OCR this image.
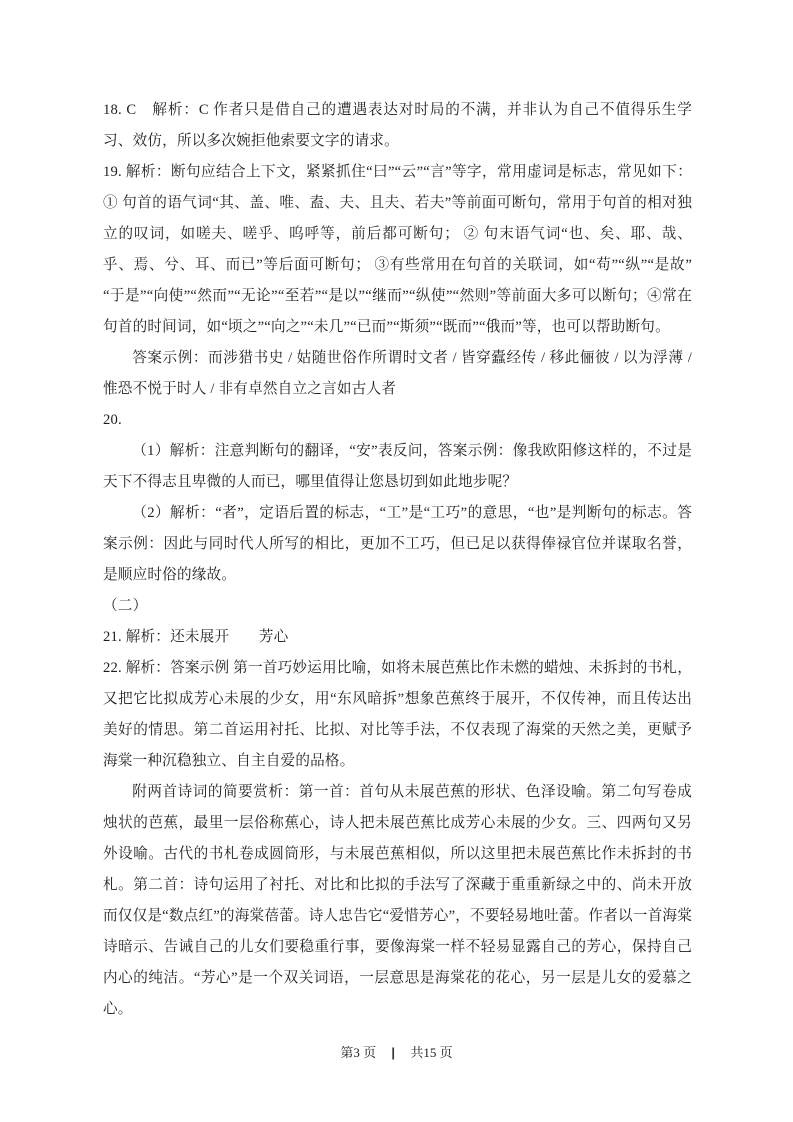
18. C　解析：C 作者只是借自己的遭遇表达对时局的不满，并非认为自己不值得乐生学习、效仿，所以多次婉拒他索要文字的请求。

19. 解析：断句应结合上下文，紧紧抓住“曰”“云”“言”等字，常用虚词是标志，常见如下：① 句首的语气词“其、盖、唯、盍、夫、且夫、若夫”等前面可断句，常用于句首的相对独立的叹词，如嗟夫、嗟乎、呜呼等，前后都可断句； ② 句末语气词“也、矣、耶、哉、乎、焉、兮、耳、而已”等后面可断句； ③有些常用在句首的关联词，如“苟”“纵”“是故”“于是”“向使”“然而”“无论”“至若”“是以”“继而”“纵使”“然则”等前面大多可以断句；④常在句首的时间词，如“顷之”“向之”“未几”“已而”“斯须”“既而”“俄而”等，也可以帮助断句。

答案示例：而涉猎书史 / 姑随世俗作所谓时文者 / 皆穿蠹经传 / 移此俪彼 / 以为浮薄 / 惟恐不悦于时人 / 非有卓然自立之言如古人者

20.

（1）解析：注意判断句的翻译，“安”表反问，答案示例：像我欧阳修这样的，不过是天下不得志且卑微的人而已，哪里值得让您恳切到如此地步呢？

（2）解析：“者”，定语后置的标志，“工”是“工巧”的意思，“也”是判断句的标志。答案示例：因此与同时代人所写的相比，更加不工巧，但已足以获得俸禄官位并谋取名誉，是顺应时俗的缘故。

（二）

21. 解析：还未展开　　芳心

22. 解析：答案示例 第一首巧妙运用比喻，如将未展芭蕉比作未燃的蜡烛、未拆封的书札，又把它比拟成芳心未展的少女，用“东风暗拆”想象芭蕉终于展开，不仅传神，而且传达出美好的情思。第二首运用衬托、比拟、对比等手法，不仅表现了海棠的天然之美，更赋予海棠一种沉稳独立、自主自爱的品格。

附两首诗词的简要赏析：第一首：首句从未展芭蕉的形状、色泽设喻。第二句写卷成烛状的芭蕉，最里一层俗称蕉心，诗人把未展芭蕉比成芳心未展的少女。三、四两句又另外设喻。古代的书札卷成圆筒形，与未展芭蕉相似，所以这里把未展芭蕉比作未拆封的书札。第二首：诗句运用了衬托、对比和比拟的手法写了深藏于重重新绿之中的、尚未开放而仅仅是“数点红”的海棠蓓蕾。诗人忠告它“爱惜芳心”，不要轻易地吐蕾。作者以一首海棠诗暗示、告诫自己的儿女们要稳重行事，要像海棠一样不轻易显露自己的芳心，保持自己内心的纯洁。“芳心”是一个双关词语，一层意思是海棠花的花心，另一层是儿女的爱慕之心。

第3 页 | 共15 页
